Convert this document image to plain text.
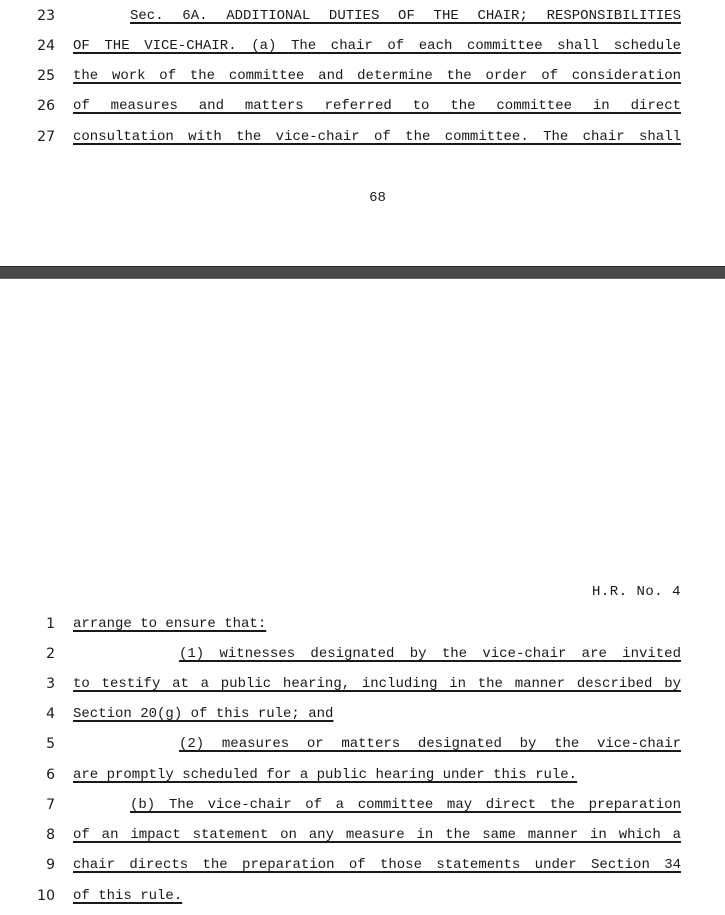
23	Sec. 6A. ADDITIONAL DUTIES OF THE CHAIR; RESPONSIBILITIES
24 OF THE VICE-CHAIR. (a) The chair of each committee shall schedule
25 the work of the committee and determine the order of consideration
26 of measures and matters referred to the committee in direct
27 consultation with the vice-chair of the committee. The chair shall
68
H.R. No. 4
1 arrange to ensure that:
2	(1) witnesses designated by the vice-chair are invited
3 to testify at a public hearing, including in the manner described by
4 Section 20(g) of this rule; and
5	(2) measures or matters designated by the vice-chair
6 are promptly scheduled for a public hearing under this rule.
7	(b) The vice-chair of a committee may direct the preparation
8 of an impact statement on any measure in the same manner in which a
9 chair directs the preparation of those statements under Section 34
10 of this rule.
